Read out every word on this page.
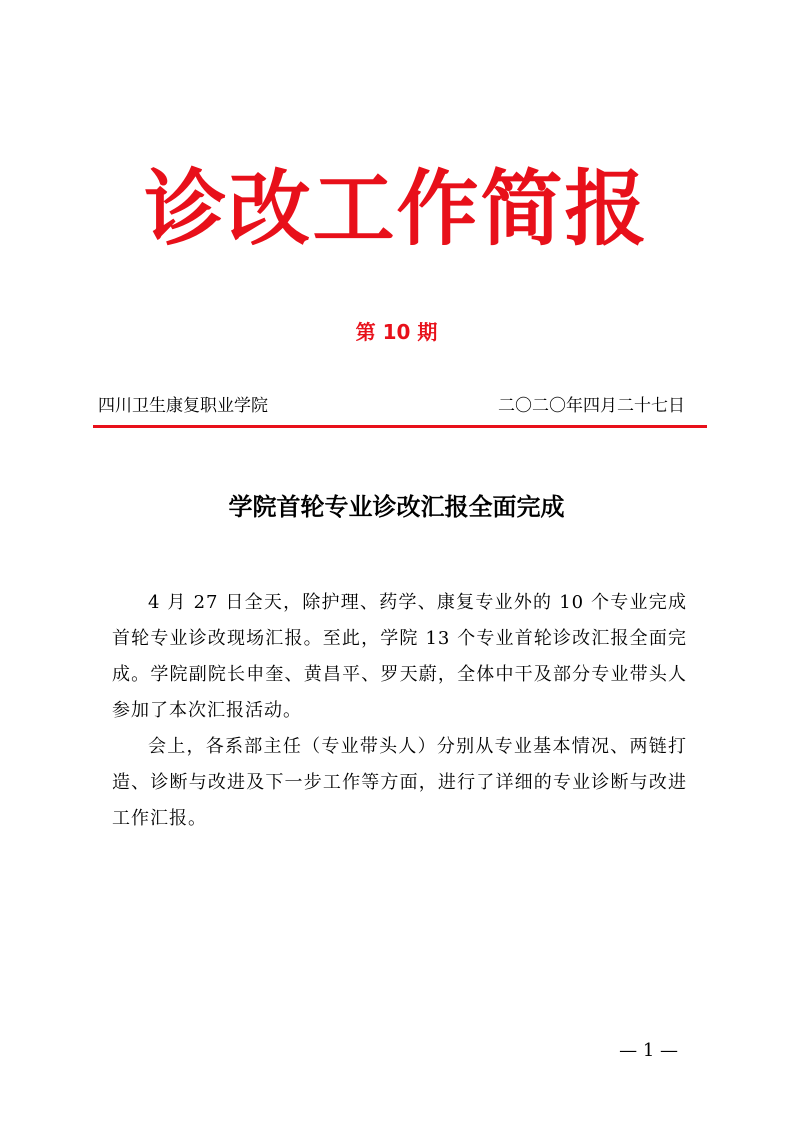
诊改工作简报
第 10 期
四川卫生康复职业学院	二〇二〇年四月二十七日
学院首轮专业诊改汇报全面完成

4 月 27 日全天，除护理、药学、康复专业外的 10 个专业完成首轮专业诊改现场汇报。至此，学院 13 个专业首轮诊改汇报全面完成。学院副院长申奎、黄昌平、罗天蔚，全体中干及部分专业带头人参加了本次汇报活动。

会上，各系部主任（专业带头人）分别从专业基本情况、两链打造、诊断与改进及下一步工作等方面，进行了详细的专业诊断与改进工作汇报。

— 1 —
